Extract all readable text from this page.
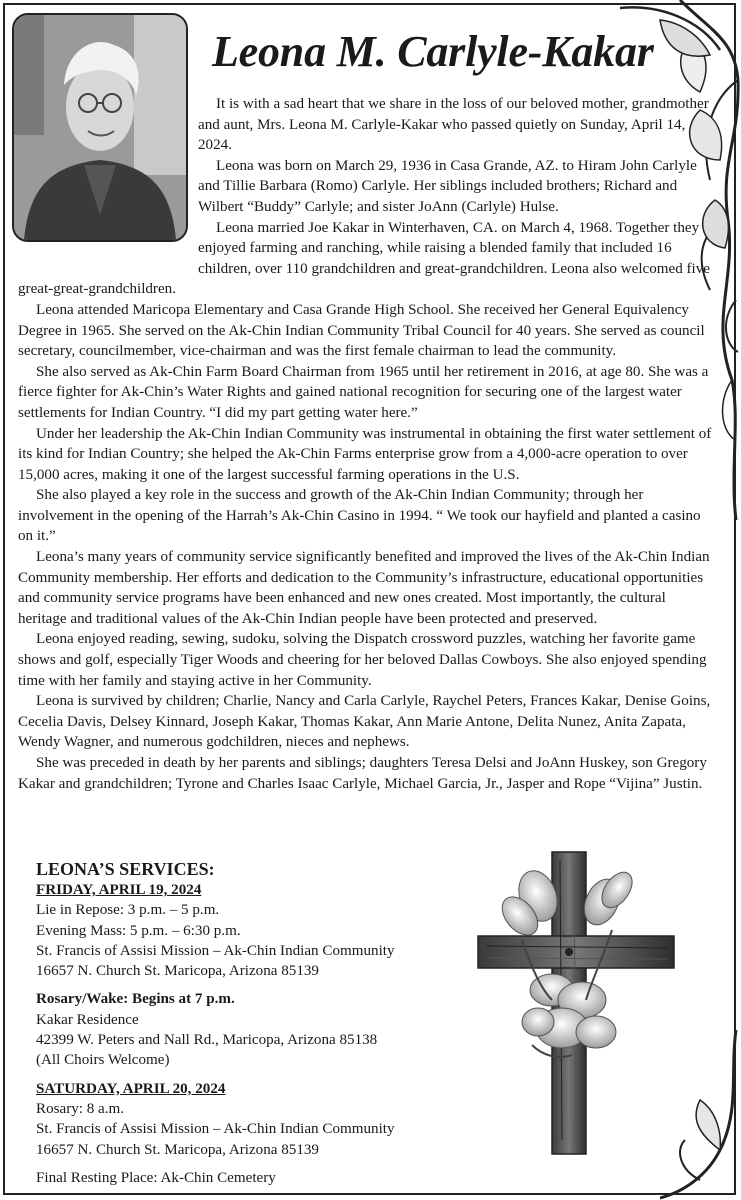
Leona M. Carlyle-Kakar

It is with a sad heart that we share in the loss of our beloved mother, grandmother and aunt, Mrs. Leona M. Carlyle-Kakar who passed quietly on Sunday, April 14, 2024.

Leona was born on March 29, 1936 in Casa Grande, AZ. to Hiram John Carlyle and Tillie Barbara (Romo) Carlyle. Her siblings included brothers; Richard and Wilbert “Buddy” Carlyle; and sister JoAnn (Carlyle) Hulse.

Leona married Joe Kakar in Winterhaven, CA. on March 4, 1968. Together they enjoyed farming and ranching, while raising a blended family that included 16 children, over 110 grandchildren and great-grandchildren. Leona also welcomed five great-great-grandchildren.

Leona attended Maricopa Elementary and Casa Grande High School. She received her General Equivalency Degree in 1965. She served on the Ak-Chin Indian Community Tribal Council for 40 years. She served as council secretary, councilmember, vice-chairman and was the first female chairman to lead the community.

She also served as Ak-Chin Farm Board Chairman from 1965 until her retirement in 2016, at age 80. She was a fierce fighter for Ak-Chin’s Water Rights and gained national recognition for securing one of the largest water settlements for Indian Country. “I did my part getting water here.”

Under her leadership the Ak-Chin Indian Community was instrumental in obtaining the first water settlement of its kind for Indian Country; she helped the Ak-Chin Farms enterprise grow from a 4,000-acre operation to over 15,000 acres, making it one of the largest successful farming operations in the U.S.

She also played a key role in the success and growth of the Ak-Chin Indian Community; through her involvement in the opening of the Harrah’s Ak-Chin Casino in 1994. “ We took our hayfield and planted a casino on it.”

Leona’s many years of community service significantly benefited and improved the lives of the Ak-Chin Indian Community membership. Her efforts and dedication to the Community’s infrastructure, educational opportunities and community service programs have been enhanced and new ones created. Most importantly, the cultural heritage and traditional values of the Ak-Chin Indian people have been protected and preserved.

Leona enjoyed reading, sewing, sudoku, solving the Dispatch crossword puzzles, watching her favorite game shows and golf, especially Tiger Woods and cheering for her beloved Dallas Cowboys. She also enjoyed spending time with her family and staying active in her Community.

Leona is survived by children; Charlie, Nancy and Carla Carlyle, Raychel Peters, Frances Kakar, Denise Goins, Cecelia Davis, Delsey Kinnard, Joseph Kakar, Thomas Kakar, Ann Marie Antone, Delita Nunez, Anita Zapata, Wendy Wagner, and numerous godchildren, nieces and nephews.

She was preceded in death by her parents and siblings; daughters Teresa Delsi and JoAnn Huskey, son Gregory Kakar and grandchildren; Tyrone and Charles Isaac Carlyle, Michael Garcia, Jr., Jasper and Rope “Vijina” Justin.

LEONA’S SERVICES:
FRIDAY, APRIL 19, 2024
Lie in Repose: 3 p.m. – 5 p.m.
Evening Mass: 5 p.m. – 6:30 p.m.
St. Francis of Assisi Mission – Ak-Chin Indian Community
16657 N. Church St. Maricopa, Arizona 85139
Rosary/Wake: Begins at 7 p.m.
Kakar Residence
42399 W. Peters and Nall Rd., Maricopa, Arizona 85138
(All Choirs Welcome)
SATURDAY, APRIL 20, 2024
Rosary: 8 a.m.
St. Francis of Assisi Mission – Ak-Chin Indian Community
16657 N. Church St. Maricopa, Arizona 85139
Final Resting Place: Ak-Chin Cemetery
